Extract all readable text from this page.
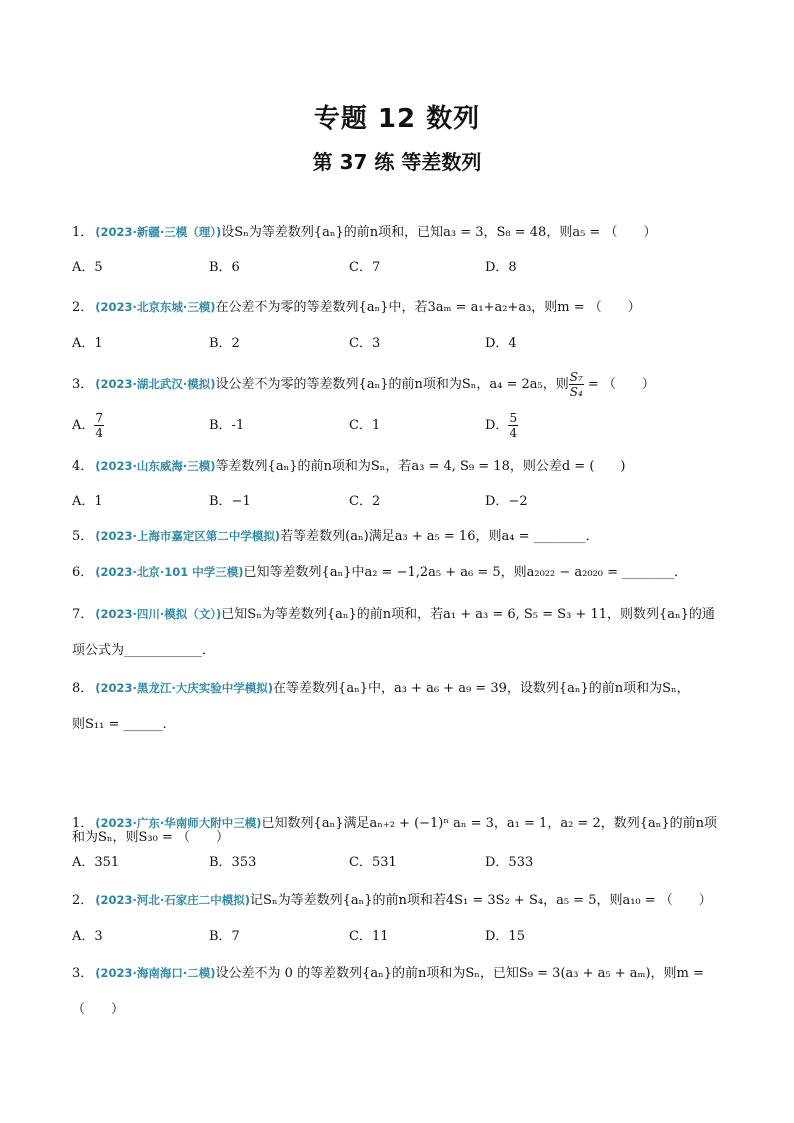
专题 12 数列
第 37 练 等差数列
1． (2023·新疆·三模（理）)设Sₙ为等差数列{aₙ}的前n项和，已知a₃ = 3，S₈ = 48，则a₅ = （　　）
A．5	B．6	C．7	D．8
2． (2023·北京东城·三模)在公差不为零的等差数列{aₙ}中，若3aₘ = a₁+a₂+a₃，则m = （　　）
A．1	B．2	C．3	D．4
3． (2023·湖北武汉·模拟)设公差不为零的等差数列{aₙ}的前n项和为Sₙ，a₄ = 2a₅，则 $\frac{\text{S₇}}{\text{S₄}}$ = （　　）
A． $\frac{7}{4}$	B．-1	C．1	D． $\frac{5}{4}$
4． (2023·山东威海·三模)等差数列{aₙ}的前n项和为Sₙ，若a₃ = 4, S₉ = 18，则公差d = (　　)
A．1	B．−1	C．2	D．−2
5． (2023·上海市嘉定区第二中学模拟)若等差数列(aₙ)满足a₃ + a₅ = 16，则a₄ = ________．
6． (2023·北京·101 中学三模)已知等差数列{aₙ}中a₂ = −1,2a₅ + a₆ = 5，则a₂₀₂₂ − a₂₀₂₀ = ________．
7． (2023·四川·模拟（文）)已知Sₙ为等差数列{aₙ}的前n项和，若a₁ + a₃ = 6, S₅ = S₃ + 11，则数列{aₙ}的通
项公式为____________．
8． (2023·黑龙江·大庆实验中学模拟)在等差数列{aₙ}中，a₃ + a₆ + a₉ = 39，设数列{aₙ}的前n项和为Sₙ，
则S₁₁ = ______.
1． (2023·广东·华南师大附中三模)已知数列{aₙ}满足aₙ₊₂ + (−1)ⁿ aₙ = 3，a₁ = 1，a₂ = 2，数列{aₙ}的前n项
和为Sₙ，则S₃₀ = （　　）
A．351	B．353	C．531	D．533
2． (2023·河北·石家庄二中模拟)记Sₙ为等差数列{aₙ}的前n项和若4S₁ = 3S₂ + S₄，a₅ = 5，则a₁₀ = （　　）
A．3	B．7	C．11	D．15
3． (2023·海南海口·二模)设公差不为 0 的等差数列{aₙ}的前n项和为Sₙ，已知S₉ = 3(a₃ + a₅ + aₘ)，则m =
（　　）
